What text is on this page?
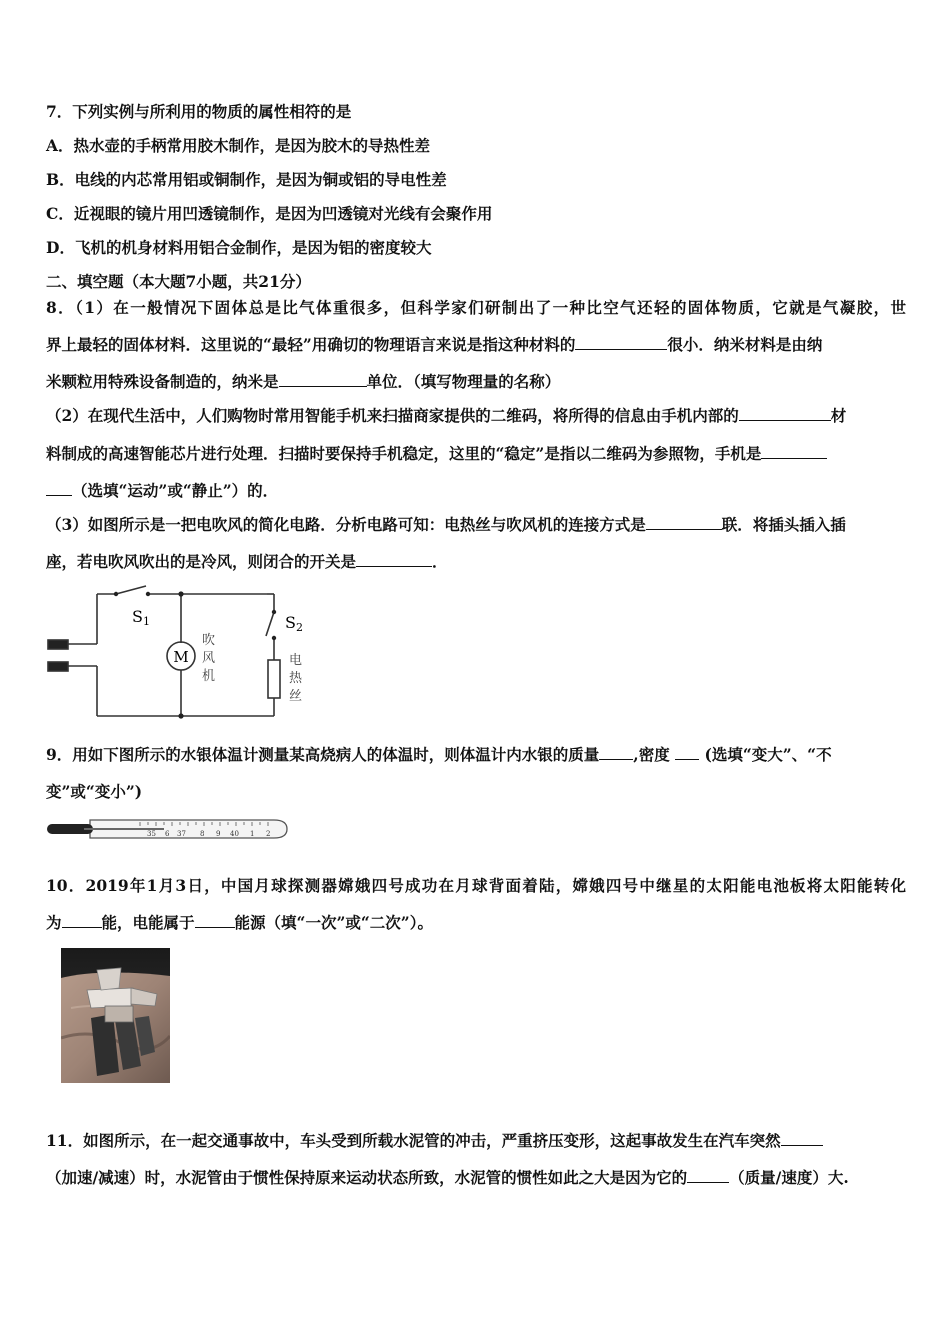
7．下列实例与所利用的物质的属性相符的是
A．热水壶的手柄常用胶木制作，是因为胶木的导热性差
B．电线的内芯常用铝或铜制作，是因为铜或铝的导电性差
C．近视眼的镜片用凹透镜制作，是因为凹透镜对光线有会聚作用
D．飞机的机身材料用铝合金制作，是因为铝的密度较大
二、填空题（本大题7小题，共21分）
8．（1）在一般情况下固体总是比气体重很多，但科学家们研制出了一种比空气还轻的固体物质，它就是气凝胶，世
界上最轻的固体材料．这里说的“最轻”用确切的物理语言来说是指这种材料的	很小．纳米材料是由纳
米颗粒用特殊设备制造的，纳米是	单位．（填写物理量的名称）
（2）在现代生活中，人们购物时常用智能手机来扫描商家提供的二维码，将所得的信息由手机内部的	材
料制成的高速智能芯片进行处理．扫描时要保持手机稳定，这里的“稳定”是指以二维码为参照物，手机是
（选填“运动”或“静止”）的．
（3）如图所示是一把电吹风的简化电路．分析电路可知：电热丝与吹风机的连接方式是	联．将插头插入插
座，若电吹风吹出的是冷风，则闭合的开关是	．
S1	S2
M
吹
风
机
电
热
丝
9．用如下图所示的水银体温计测量某高烧病人的体温时，则体温计内水银的质量 ,密度 (选填“变大”、“不
变”或“变小”)
35 6 37 8 9 40 1 2
10．2019年1月3日，中国月球探测器嫦娥四号成功在月球背面着陆，嫦娥四号中继星的太阳能电池板将太阳能转化
为	能，电能属于	能源（填“一次”或“二次”）。
11．如图所示，在一起交通事故中，车头受到所载水泥管的冲击，严重挤压变形，这起事故发生在汽车突然
（加速/减速）时，水泥管由于惯性保持原来运动状态所致，水泥管的惯性如此之大是因为它的	（质量/速度）大.
